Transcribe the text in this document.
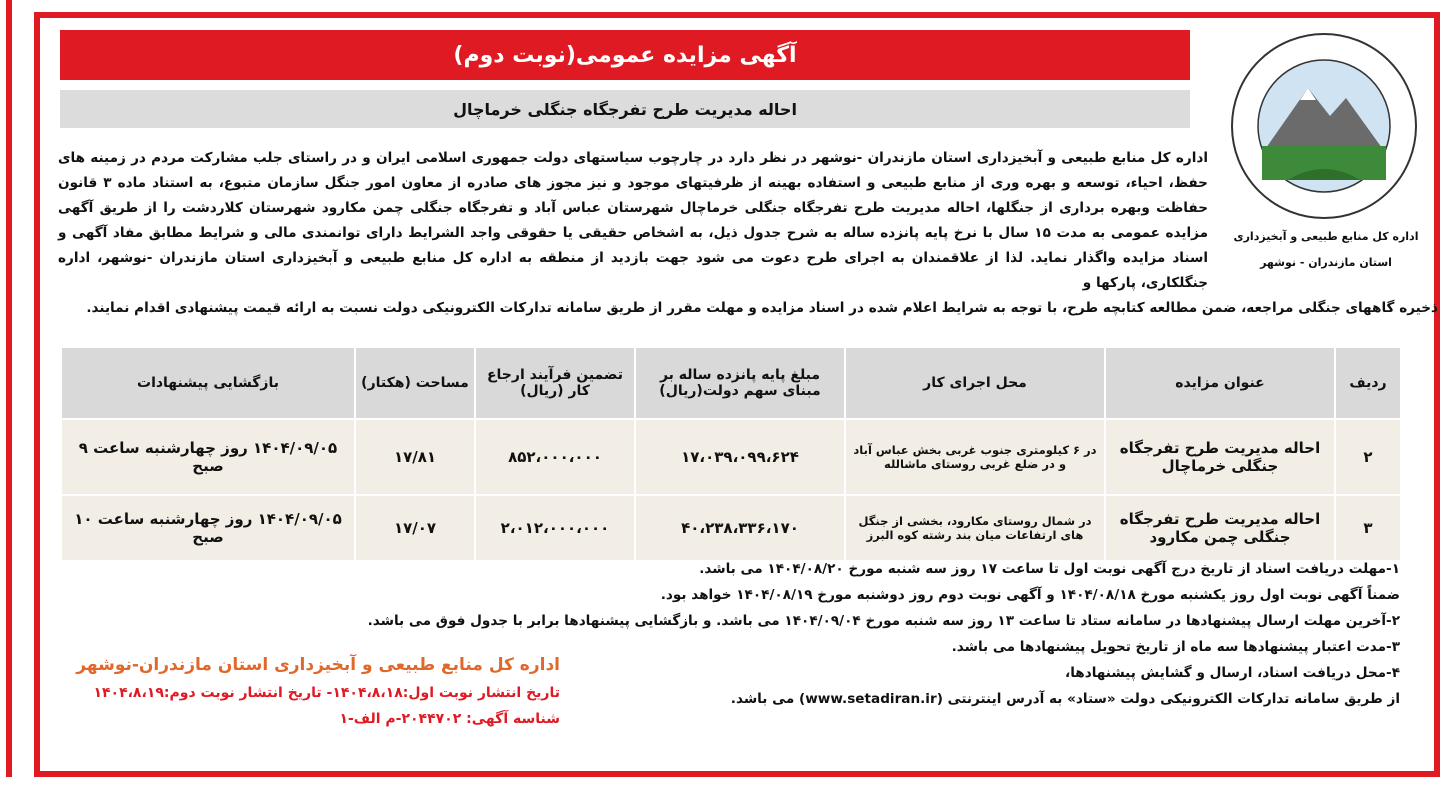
آگهی مزایده عمومی(نوبت دوم)
احاله مدیریت طرح تفرجگاه جنگلی خرماچال
اداره کل منابع طبیعی و آبخیزداری
استان مازندران - نوشهر
اداره کل منابع طبیعی و آبخیزداری استان مازندران -نوشهر در نظر دارد در چارچوب سیاستهای دولت جمهوری اسلامی ایران و در راستای جلب مشارکت مردم در زمینه های حفظ، احیاء، توسعه و بهره وری از منابع طبیعی و استفاده بهینه از ظرفیتهای موجود و نیز مجوز های صادره از معاون امور جنگل سازمان متبوع، به استناد ماده ۳ قانون حفاظت وبهره برداری از جنگلها، احاله مدیریت طرح تفرجگاه جنگلی خرماچال شهرستان عباس آباد و تفرجگاه جنگلی چمن مکارود شهرستان کلاردشت را از طریق آگهی مزایده عمومی به مدت ۱۵ سال با نرخ پایه پانزده ساله به شرح جدول ذیل، به اشخاص حقیقی یا حقوقی واجد الشرایط دارای توانمندی مالی و شرایط مطابق مفاد آگهی و اسناد مزایده واگذار نماید. لذا از علاقمندان به اجرای طرح دعوت می شود جهت بازدید از منطقه به اداره کل منابع طبیعی و آبخیزداری استان مازندران -نوشهر، اداره جنگلکاری، پارکها و
ذخیره گاههای جنگلی مراجعه، ضمن مطالعه کتابچه طرح، با توجه به شرایط اعلام شده در اسناد مزایده و مهلت مقرر از طریق سامانه تدارکات الکترونیکی دولت نسبت به ارائه قیمت پیشنهادی اقدام نمایند.
ردیف	عنوان مزایده	محل اجرای کار	مبلغ پایه پانزده ساله بر مبنای سهم دولت(ریال)	تضمین فرآیند ارجاع کار (ریال)	مساحت (هکتار)	بازگشایی پیشنهادات
۲	احاله مدیریت طرح تفرجگاه جنگلی خرماچال	در ۶ کیلومتری جنوب غربی بخش عباس آباد و در ضلع غربی روستای ماشالله	۱۷،۰۳۹،۰۹۹،۶۲۴	۸۵۲،۰۰۰،۰۰۰	۱۷/۸۱	۱۴۰۴/۰۹/۰۵ روز چهارشنبه ساعت ۹ صبح
۳	احاله مدیریت طرح تفرجگاه جنگلی چمن مکارود	در شمال روستای مکارود، بخشی از جنگل های ارتفاعات میان بند رشته کوه البرز	۴۰،۲۳۸،۳۳۶،۱۷۰	۲،۰۱۲،۰۰۰،۰۰۰	۱۷/۰۷	۱۴۰۴/۰۹/۰۵ روز چهارشنبه ساعت ۱۰ صبح
۱-مهلت دریافت اسناد از تاریخ درج آگهی نوبت اول تا ساعت ۱۷ روز سه شنبه مورخ ۱۴۰۴/۰۸/۲۰ می باشد.
ضمناً آگهی نوبت اول روز یکشنبه مورخ ۱۴۰۴/۰۸/۱۸ و آگهی نوبت دوم روز دوشنبه مورخ ۱۴۰۴/۰۸/۱۹ خواهد بود.
۲-آخرین مهلت ارسال پیشنهادها در سامانه ستاد تا ساعت ۱۳ روز سه شنبه مورخ ۱۴۰۴/۰۹/۰۴ می باشد. و بازگشایی پیشنهادها برابر با جدول فوق می باشد.
۳-مدت اعتبار پیشنهادها سه ماه از تاریخ تحویل پیشنهادها می باشد.
۴-محل دریافت اسناد، ارسال و گشایش پیشنهادها،
از طریق سامانه تدارکات الکترونیکی دولت «ستاد» به آدرس اینترنتی (www.setadiran.ir) می باشد.
اداره کل منابع طبیعی و آبخیزداری استان مازندران-نوشهر
تاریخ انتشار نوبت اول:۱۴۰۴،۸،۱۸- تاریخ انتشار نوبت دوم:۱۴۰۴،۸،۱۹
شناسه آگهی: ۲۰۴۴۷۰۲-م الف-۱
